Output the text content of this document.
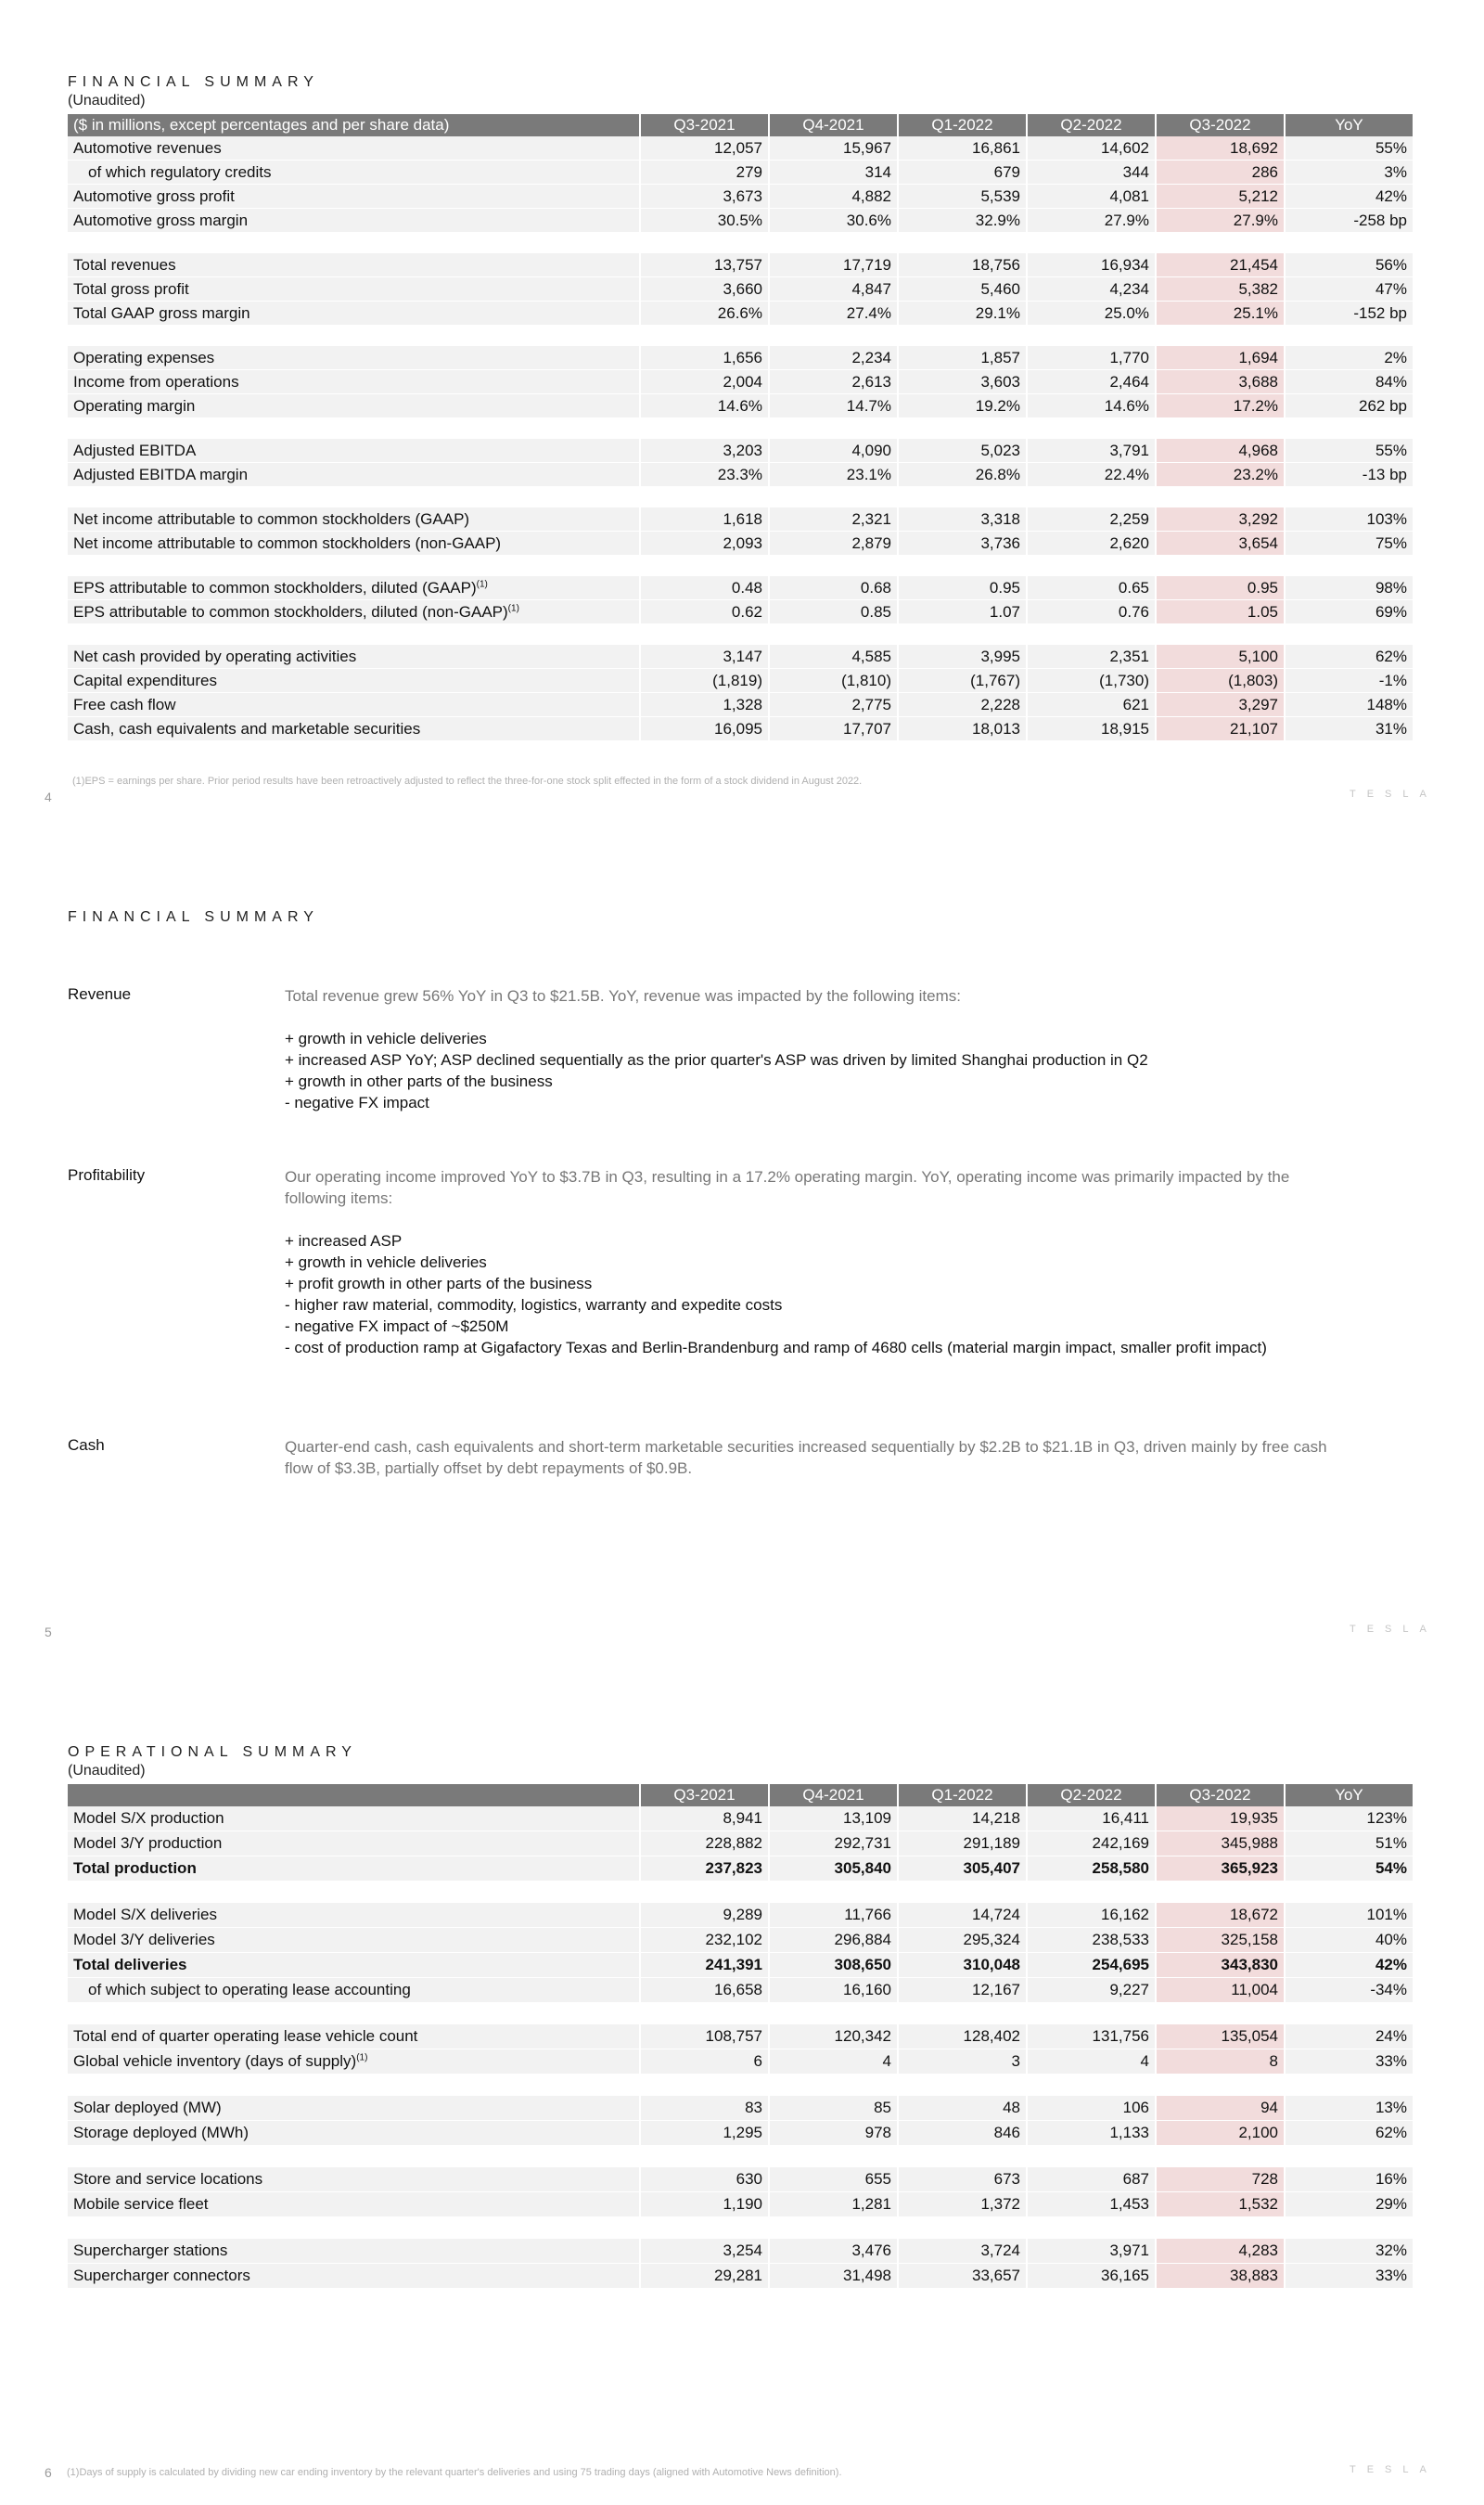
FINANCIAL SUMMARY
(Unaudited)
($ in millions, except percentages and per share data)	Q3-2021	Q4-2021	Q1-2022	Q2-2022	Q3-2022	YoY
Automotive revenues	12,057	15,967	16,861	14,602	18,692	55%
of which regulatory credits	279	314	679	344	286	3%
Automotive gross profit	3,673	4,882	5,539	4,081	5,212	42%
Automotive gross margin	30.5%	30.6%	32.9%	27.9%	27.9%	-258 bp

Total revenues	13,757	17,719	18,756	16,934	21,454	56%
Total gross profit	3,660	4,847	5,460	4,234	5,382	47%
Total GAAP gross margin	26.6%	27.4%	29.1%	25.0%	25.1%	-152 bp

Operating expenses	1,656	2,234	1,857	1,770	1,694	2%
Income from operations	2,004	2,613	3,603	2,464	3,688	84%
Operating margin	14.6%	14.7%	19.2%	14.6%	17.2%	262 bp

Adjusted EBITDA	3,203	4,090	5,023	3,791	4,968	55%
Adjusted EBITDA margin	23.3%	23.1%	26.8%	22.4%	23.2%	-13 bp

Net income attributable to common stockholders (GAAP)	1,618	2,321	3,318	2,259	3,292	103%
Net income attributable to common stockholders (non-GAAP)	2,093	2,879	3,736	2,620	3,654	75%

EPS attributable to common stockholders, diluted (GAAP)$^{(1)}$	0.48	0.68	0.95	0.65	0.95	98%
EPS attributable to common stockholders, diluted (non-GAAP)$^{(1)}$	0.62	0.85	1.07	0.76	1.05	69%

Net cash provided by operating activities	3,147	4,585	3,995	2,351	5,100	62%
Capital expenditures	(1,819)	(1,810)	(1,767)	(1,730)	(1,803)	-1%
Free cash flow	1,328	2,775	2,228	621	3,297	148%
Cash, cash equivalents and marketable securities	16,095	17,707	18,013	18,915	21,107	31%
(1)EPS = earnings per share. Prior period results have been retroactively adjusted to reflect the three-for-one stock split effected in the form of a stock dividend in August 2022.
4	TESLA
FINANCIAL SUMMARY
Revenue	Total revenue grew 56% YoY in Q3 to $21.5B. YoY, revenue was impacted by the following items:

+ growth in vehicle deliveries

+ increased ASP YoY; ASP declined sequentially as the prior quarter's ASP was driven by limited Shanghai production in Q2

+ growth in other parts of the business

- negative FX impact

Profitability	Our operating income improved YoY to $3.7B in Q3, resulting in a 17.2% operating margin. YoY, operating income was primarily impacted by the following items:

+ increased ASP

+ growth in vehicle deliveries

+ profit growth in other parts of the business

- higher raw material, commodity, logistics, warranty and expedite costs

- negative FX impact of ~$250M

- cost of production ramp at Gigafactory Texas and Berlin-Brandenburg and ramp of 4680 cells (material margin impact, smaller profit impact)

Cash	Quarter-end cash, cash equivalents and short-term marketable securities increased sequentially by $2.2B to $21.1B in Q3, driven mainly by free cash flow of $3.3B, partially offset by debt repayments of $0.9B.

5	TESLA
OPERATIONAL SUMMARY
(Unaudited)
	Q3-2021	Q4-2021	Q1-2022	Q2-2022	Q3-2022	YoY
Model S/X production	8,941	13,109	14,218	16,411	19,935	123%
Model 3/Y production	228,882	292,731	291,189	242,169	345,988	51%
Total production	237,823	305,840	305,407	258,580	365,923	54%

Model S/X deliveries	9,289	11,766	14,724	16,162	18,672	101%
Model 3/Y deliveries	232,102	296,884	295,324	238,533	325,158	40%
Total deliveries	241,391	308,650	310,048	254,695	343,830	42%
of which subject to operating lease accounting	16,658	16,160	12,167	9,227	11,004	-34%

Total end of quarter operating lease vehicle count	108,757	120,342	128,402	131,756	135,054	24%
Global vehicle inventory (days of supply)$^{(1)}$	6	4	3	4	8	33%

Solar deployed (MW)	83	85	48	106	94	13%
Storage deployed (MWh)	1,295	978	846	1,133	2,100	62%

Store and service locations	630	655	673	687	728	16%
Mobile service fleet	1,190	1,281	1,372	1,453	1,532	29%

Supercharger stations	3,254	3,476	3,724	3,971	4,283	32%
Supercharger connectors	29,281	31,498	33,657	36,165	38,883	33%
6 (1)Days of supply is calculated by dividing new car ending inventory by the relevant quarter's deliveries and using 75 trading days (aligned with Automotive News definition).	TESLA
